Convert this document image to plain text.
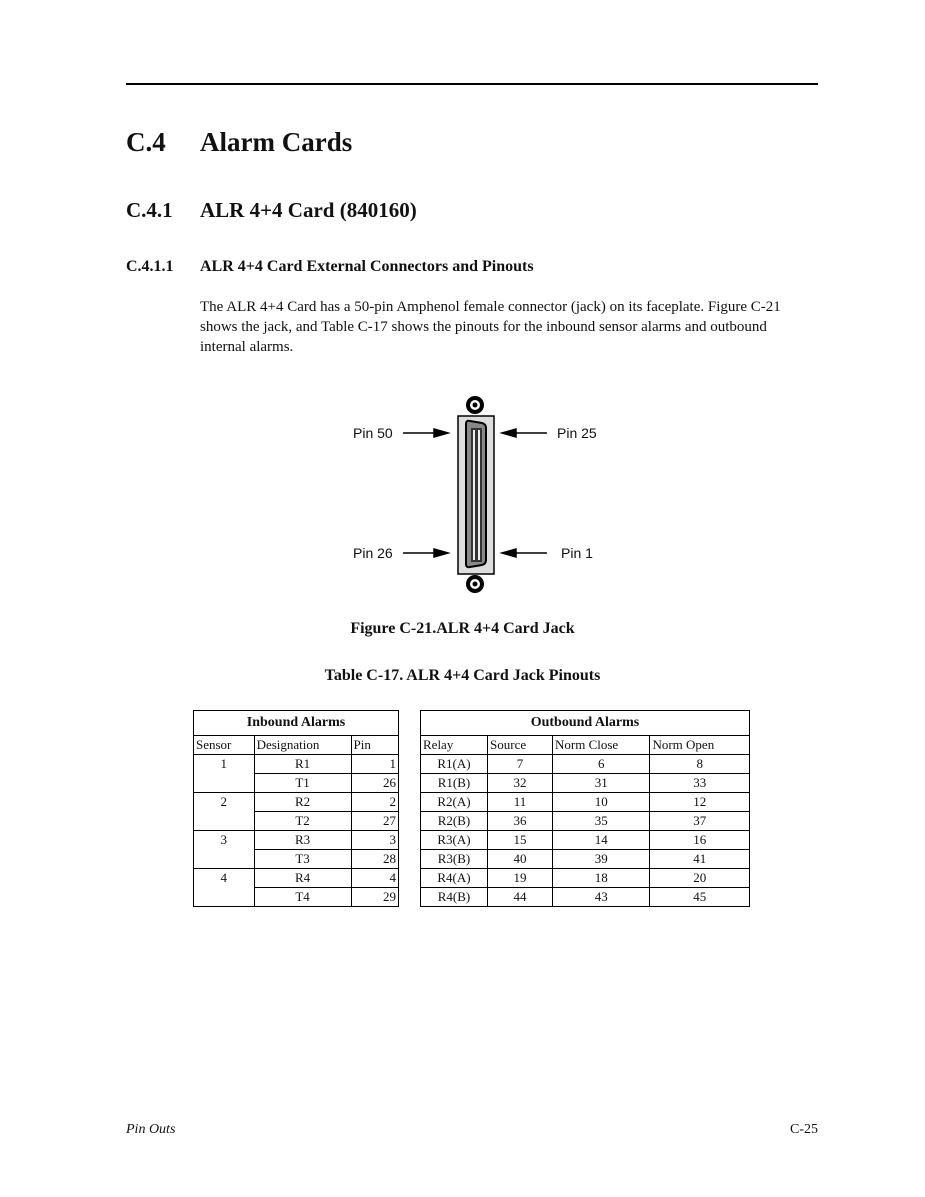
C.4 Alarm Cards
C.4.1 ALR 4+4 Card (840160)
C.4.1.1 ALR 4+4 Card External Connectors and Pinouts
The ALR 4+4 Card has a 50-pin Amphenol female connector (jack) on its faceplate. Figure C-21 shows the jack, and Table C-17 shows the pinouts for the inbound sensor alarms and outbound internal alarms.
Pin 50	Pin 25
Pin 26	Pin 1
Figure C-21.ALR 4+4 Card Jack
Table C-17. ALR 4+4 Card Jack Pinouts
Inbound Alarms		
Sensor	Designation	Pin
1	R1	1
	T1	26
2	R2	2
	T2	27
3	R3	3
	T3	28
4	R4	4
	T4	29
Outbound Alarms			
Relay	Source	Norm Close	Norm Open
R1(A)	7	6	8
R1(B)	32	31	33
R2(A)	11	10	12
R2(B)	36	35	37
R3(A)	15	14	16
R3(B)	40	39	41
R4(A)	19	18	20
R4(B)	44	43	45
Pin Outs	C-25
